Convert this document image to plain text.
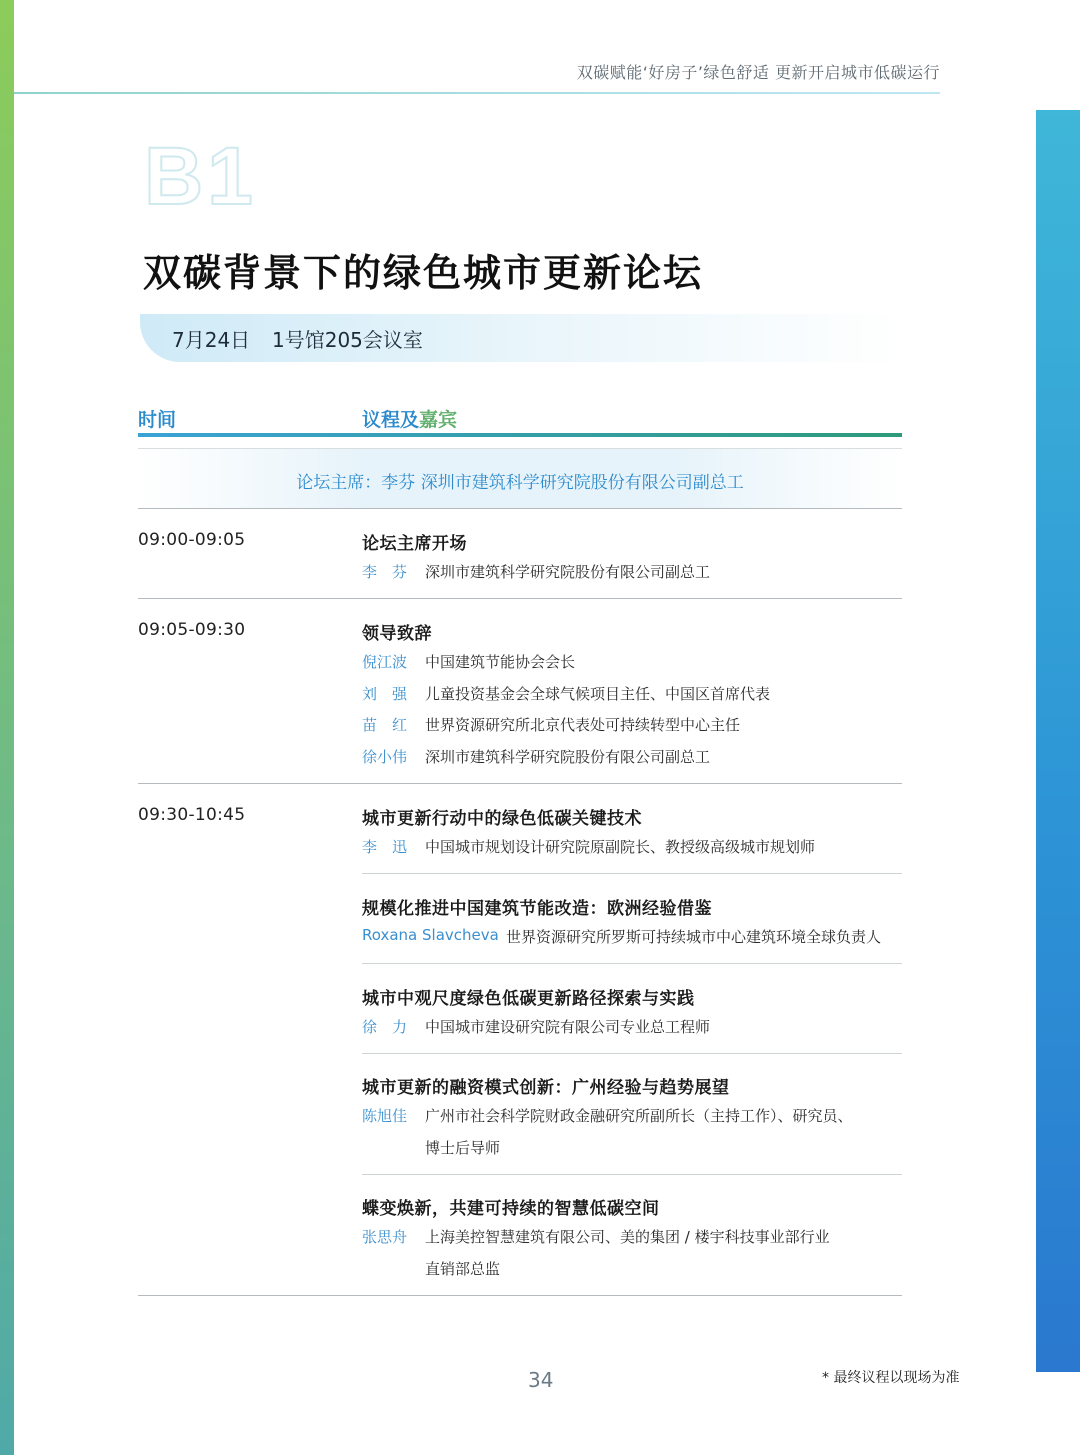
双碳赋能‘好房子’绿色舒适 更新开启城市低碳运行
B1
双碳背景下的绿色城市更新论坛
7月24日 1号馆205会议室
时间	议程及嘉宾
论坛主席：李芬 深圳市建筑科学研究院股份有限公司副总工
09:00-09:05	论坛主席开场
李　芬 深圳市建筑科学研究院股份有限公司副总工
09:05-09:30	领导致辞
倪江波 中国建筑节能协会会长
刘　强 儿童投资基金会全球气候项目主任、中国区首席代表
苗　红 世界资源研究所北京代表处可持续转型中心主任
徐小伟 深圳市建筑科学研究院股份有限公司副总工
09:30-10:45	城市更新行动中的绿色低碳关键技术
李　迅 中国城市规划设计研究院原副院长、教授级高级城市规划师
规模化推进中国建筑节能改造：欧洲经验借鉴
Roxana Slavcheva 世界资源研究所罗斯可持续城市中心建筑环境全球负责人
城市中观尺度绿色低碳更新路径探索与实践
徐　力 中国城市建设研究院有限公司专业总工程师
城市更新的融资模式创新：广州经验与趋势展望
陈旭佳 广州市社会科学院财政金融研究所副所长（主持工作）、研究员、
博士后导师
蝶变焕新，共建可持续的智慧低碳空间
张思舟 上海美控智慧建筑有限公司、美的集团 / 楼宇科技事业部行业
直销部总监
34	* 最终议程以现场为准
